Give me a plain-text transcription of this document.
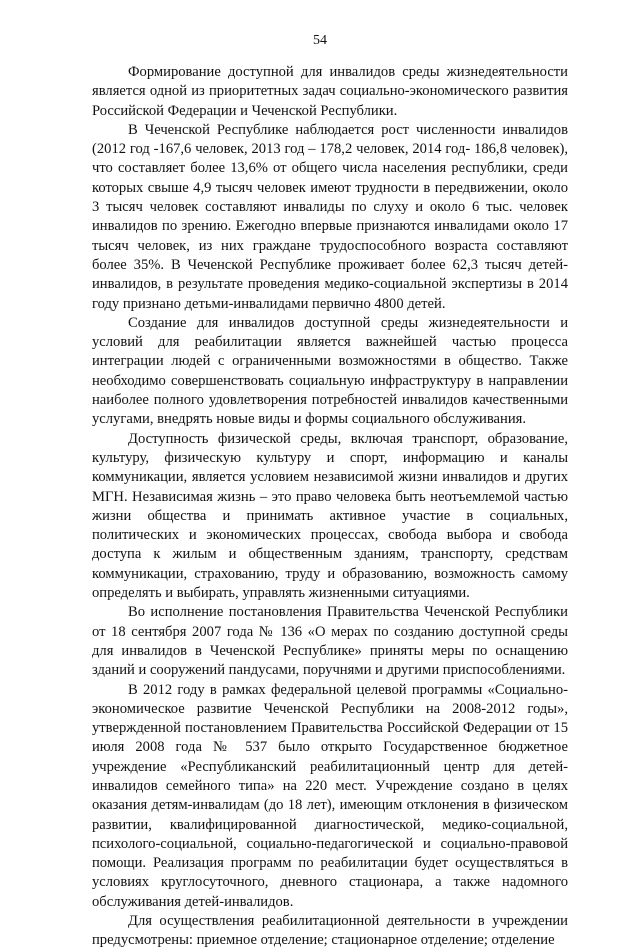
54

Формирование доступной для инвалидов среды жизнедеятельности является одной из приоритетных задач социально-экономического развития Российской Федерации и Чеченской Республики.

В Чеченской Республике наблюдается рост численности инвалидов (2012 год -167,6 человек, 2013 год – 178,2 человек, 2014 год- 186,8 человек), что составляет более 13,6% от общего числа населения республики, среди которых свыше 4,9 тысяч человек имеют трудности в передвижении, около 3 тысяч человек составляют инвалиды по слуху и около 6 тыс. человек инвалидов по зрению. Ежегодно впервые признаются инвалидами около 17 тысяч человек, из них граждане трудоспособного возраста составляют более 35%. В Чеченской Республике проживает более 62,3 тысяч детей-инвалидов, в результате проведения медико-социальной экспертизы в 2014 году признано детьми-инвалидами первично 4800 детей.

Создание для инвалидов доступной среды жизнедеятельности и условий для реабилитации является важнейшей частью процесса интеграции людей с ограниченными возможностями в общество. Также необходимо совершенствовать социальную инфраструктуру в направлении наиболее полного удовлетворения потребностей инвалидов качественными услугами, внедрять новые виды и формы социального обслуживания.

Доступность физической среды, включая транспорт, образование, культуру, физическую культуру и спорт, информацию и каналы коммуникации, является условием независимой жизни инвалидов и других МГН. Независимая жизнь – это право человека быть неотъемлемой частью жизни общества и принимать активное участие в социальных, политических и экономических процессах, свобода выбора и свобода доступа к жилым и общественным зданиям, транспорту, средствам коммуникации, страхованию, труду и образованию, возможность самому определять и выбирать, управлять жизненными ситуациями.

Во исполнение постановления Правительства Чеченской Республики от 18 сентября 2007 года № 136 «О мерах по созданию доступной среды для инвалидов в Чеченской Республике» приняты меры по оснащению зданий и сооружений пандусами, поручнями и другими приспособлениями.

В 2012 году в рамках федеральной целевой программы «Социально-экономическое развитие Чеченской Республики на 2008-2012 годы», утвержденной постановлением Правительства Российской Федерации от 15 июля 2008 года № 537 было открыто Государственное бюджетное учреждение «Республиканский реабилитационный центр для детей-инвалидов семейного типа» на 220 мест. Учреждение создано в целях оказания детям-инвалидам (до 18 лет), имеющим отклонения в физическом развитии, квалифицированной диагностической, медико-социальной, психолого-социальной, социально-педагогической и социально-правовой помощи. Реализация программ по реабилитации будет осуществляться в условиях круглосуточного, дневного стационара, а также надомного обслуживания детей-инвалидов.

Для осуществления реабилитационной деятельности в учреждении предусмотрены: приемное отделение; стационарное отделение; отделение
